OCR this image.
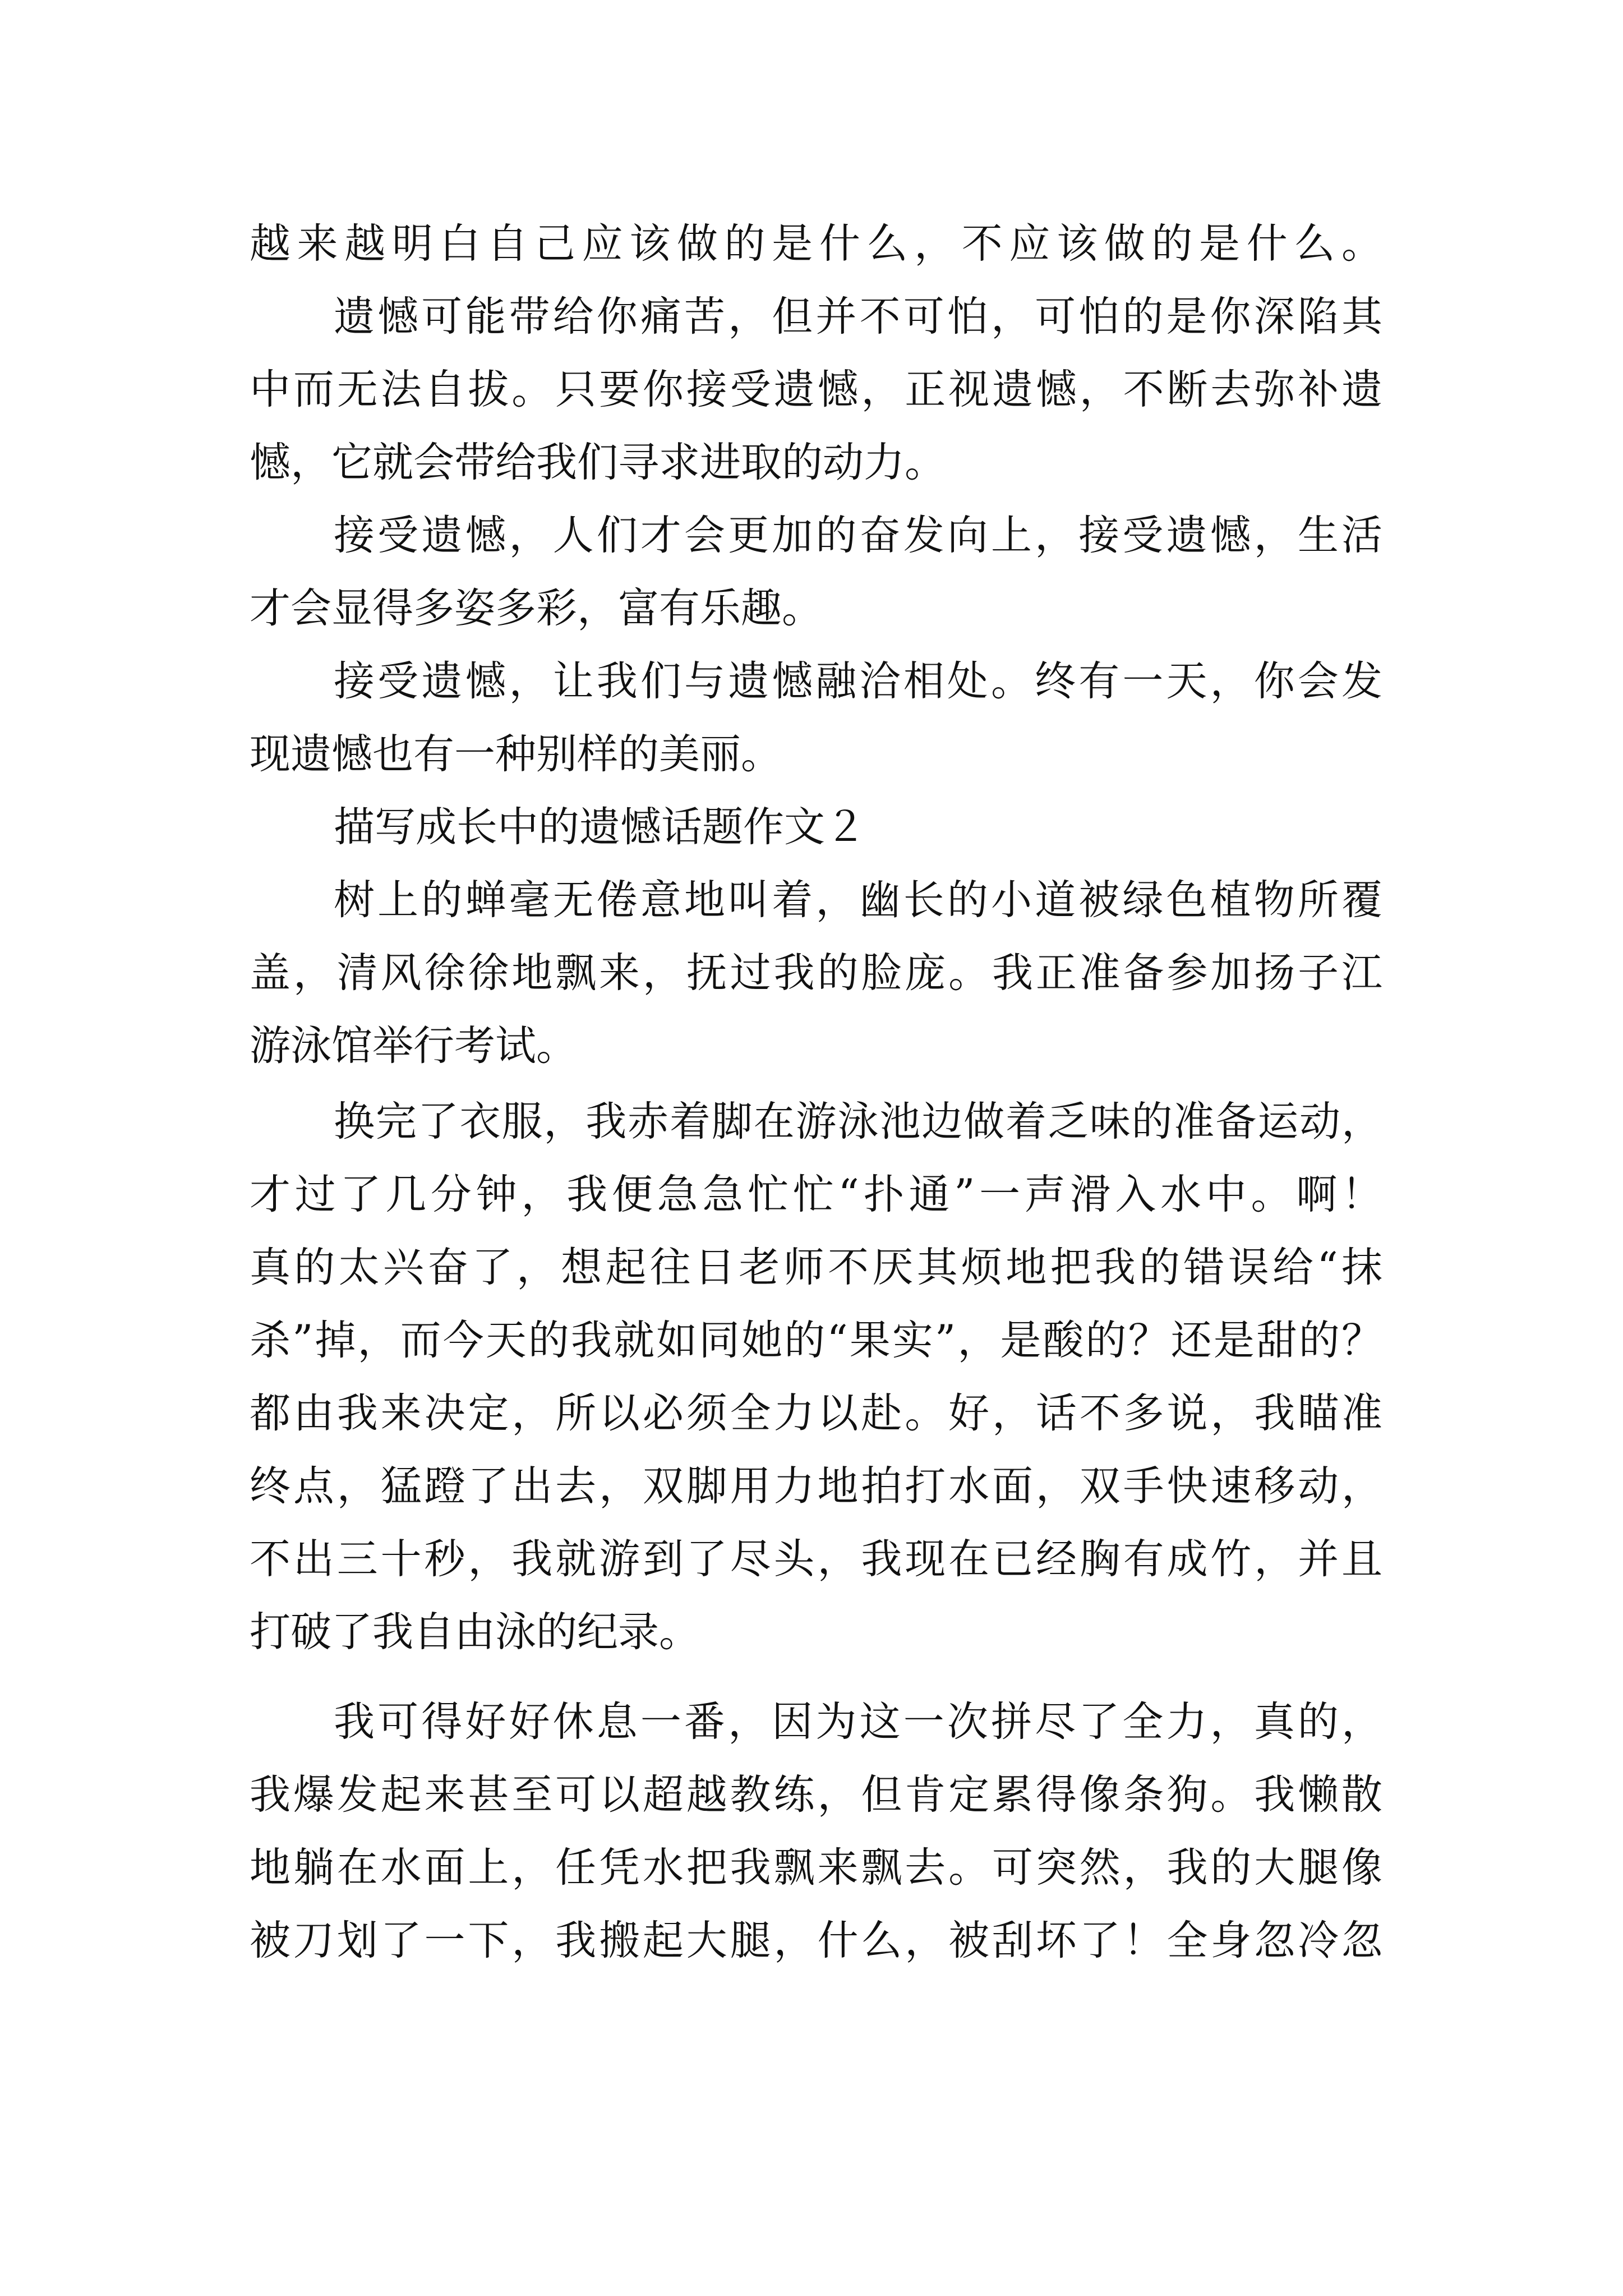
越来越明白自己应该做的是什么，不应该做的是什么。
遗憾可能带给你痛苦，但并不可怕，可怕的是你深陷其
中而无法自拔。只要你接受遗憾，正视遗憾，不断去弥补遗
憾，它就会带给我们寻求进取的动力。
接受遗憾，人们才会更加的奋发向上，接受遗憾，生活
才会显得多姿多彩，富有乐趣。
接受遗憾，让我们与遗憾融洽相处。终有一天，你会发
现遗憾也有一种别样的美丽。
描写成长中的遗憾话题作文２
树上的蝉毫无倦意地叫着，幽长的小道被绿色植物所覆
盖，清风徐徐地飘来，抚过我的脸庞。我正准备参加扬子江
游泳馆举行考试。
换完了衣服，我赤着脚在游泳池边做着乏味的准备运动，
才过了几分钟，我便急急忙忙“扑通”一声滑入水中。啊！
真的太兴奋了，想起往日老师不厌其烦地把我的错误给“抹
杀”掉，而今天的我就如同她的“果实”，是酸的？还是甜的？
都由我来决定，所以必须全力以赴。好，话不多说，我瞄准
终点，猛蹬了出去，双脚用力地拍打水面，双手快速移动，
不出三十秒，我就游到了尽头，我现在已经胸有成竹，并且
打破了我自由泳的纪录。
我可得好好休息一番，因为这一次拼尽了全力，真的，
我爆发起来甚至可以超越教练，但肯定累得像条狗。我懒散
地躺在水面上，任凭水把我飘来飘去。可突然，我的大腿像
被刀划了一下，我搬起大腿，什么，被刮坏了！全身忽冷忽
